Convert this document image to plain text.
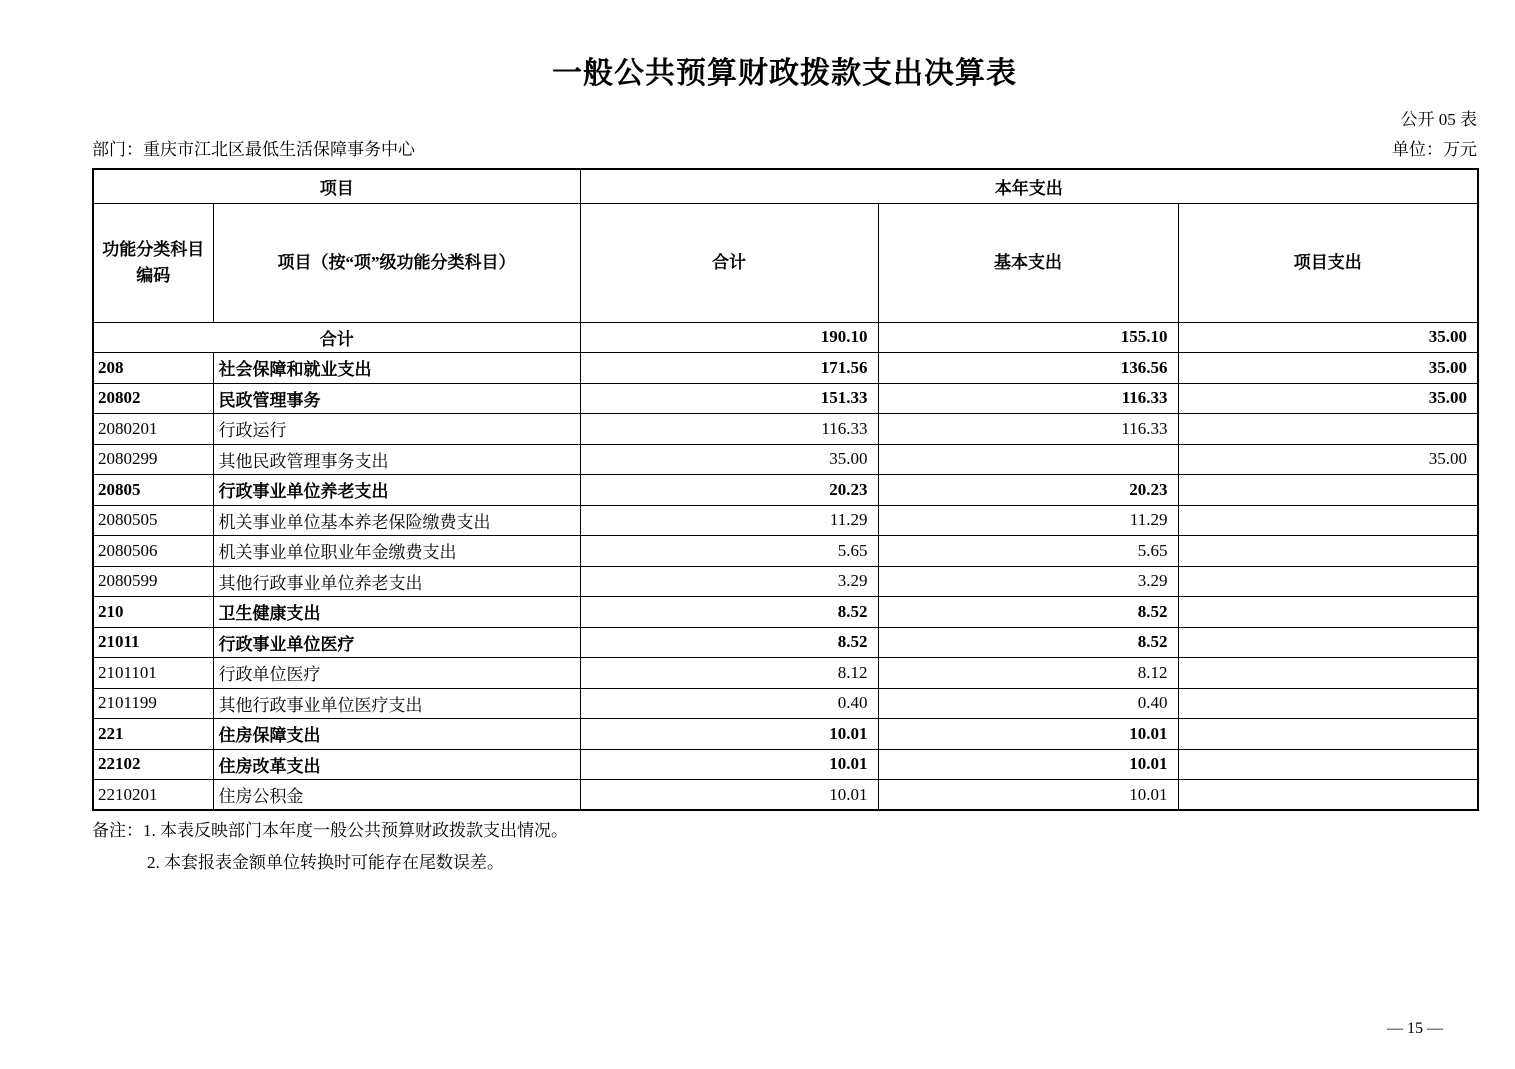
一般公共预算财政拨款支出决算表
公开 05 表
部门：重庆市江北区最低生活保障事务中心	单位：万元
项目		本年支出		
功能分类科目编码	项目（按“项”级功能分类科目）	合计	基本支出	项目支出
合计		190.10	155.10	35.00
208	社会保障和就业支出	171.56	136.56	35.00
20802	民政管理事务	151.33	116.33	35.00
2080201	行政运行	116.33	116.33	
2080299	其他民政管理事务支出	35.00		35.00
20805	行政事业单位养老支出	20.23	20.23	
2080505	机关事业单位基本养老保险缴费支出	11.29	11.29	
2080506	机关事业单位职业年金缴费支出	5.65	5.65	
2080599	其他行政事业单位养老支出	3.29	3.29	
210	卫生健康支出	8.52	8.52	
21011	行政事业单位医疗	8.52	8.52	
2101101	行政单位医疗	8.12	8.12	
2101199	其他行政事业单位医疗支出	0.40	0.40	
221	住房保障支出	10.01	10.01	
22102	住房改革支出	10.01	10.01	
2210201	住房公积金	10.01	10.01	
备注：1. 本表反映部门本年度一般公共预算财政拨款支出情况。
2. 本套报表金额单位转换时可能存在尾数误差。
— 15 —
